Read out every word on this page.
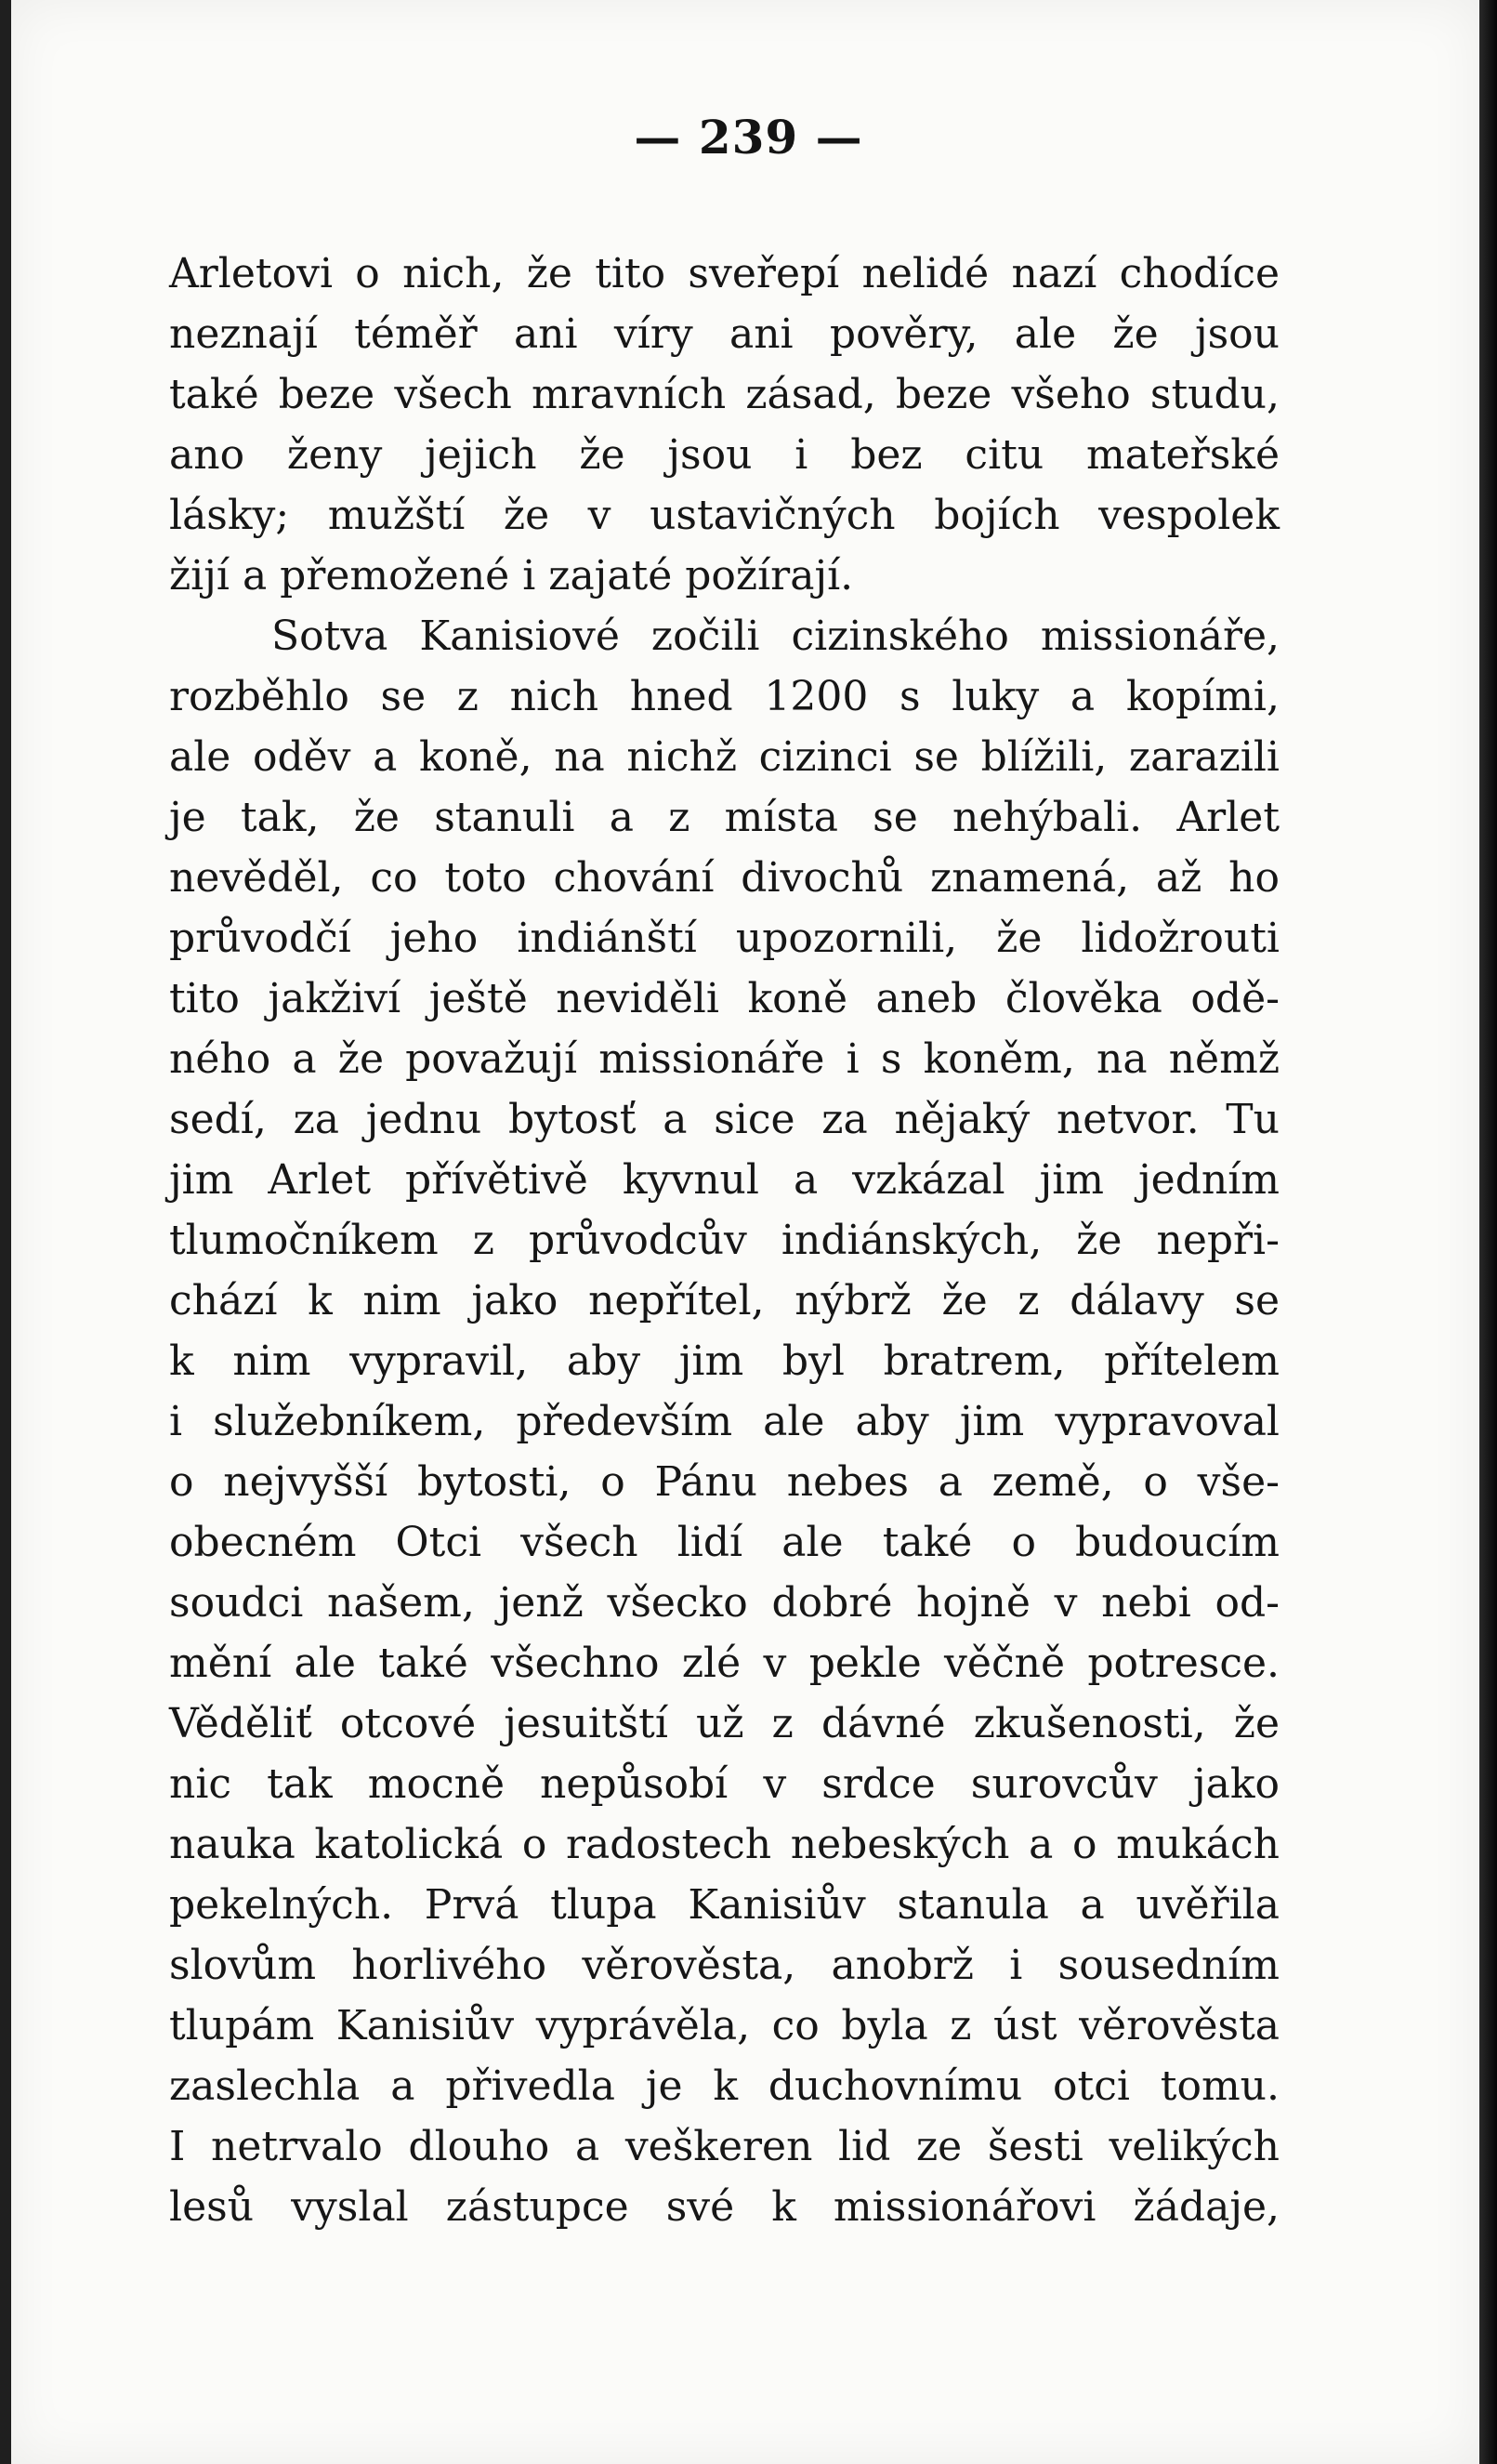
— 239 —
Arletovi o nich, že tito sveřepí nelidé nazí chodíce
neznají téměř ani víry ani pověry, ale že jsou
také beze všech mravních zásad, beze všeho studu,
ano ženy jejich že jsou i bez citu mateřské
lásky; mužští že v ustavičných bojích vespolek
žijí a přemožené i zajaté požírají.
Sotva Kanisiové zočili cizinského missionáře,
rozběhlo se z nich hned 1200 s luky a kopími,
ale oděv a koně, na nichž cizinci se blížili, zarazili
je tak, že stanuli a z místa se nehýbali. Arlet
nevěděl, co toto chování divochů znamená, až ho
průvodčí jeho indiánští upozornili, že lidožrouti
tito jakživí ještě neviděli koně aneb člověka odě-
ného a že považují missionáře i s koněm, na němž
sedí, za jednu bytosť a sice za nějaký netvor. Tu
jim Arlet přívětivě kyvnul a vzkázal jim jedním
tlumočníkem z průvodcův indiánských, že nepři-
chází k nim jako nepřítel, nýbrž že z dálavy se
k nim vypravil, aby jim byl bratrem, přítelem
i služebníkem, především ale aby jim vypravoval
o nejvyšší bytosti, o Pánu nebes a země, o vše-
obecném Otci všech lidí ale také o budoucím
soudci našem, jenž všecko dobré hojně v nebi od-
mění ale také všechno zlé v pekle věčně potresce.
Věděliť otcové jesuitští už z dávné zkušenosti, že
nic tak mocně nepůsobí v srdce surovcův jako
nauka katolická o radostech nebeských a o mukách
pekelných. Prvá tlupa Kanisiův stanula a uvěřila
slovům horlivého věrověsta, anobrž i sousedním
tlupám Kanisiův vyprávěla, co byla z úst věrověsta
zaslechla a přivedla je k duchovnímu otci tomu.
I netrvalo dlouho a veškeren lid ze šesti velikých
lesů vyslal zástupce své k missionářovi žádaje,
